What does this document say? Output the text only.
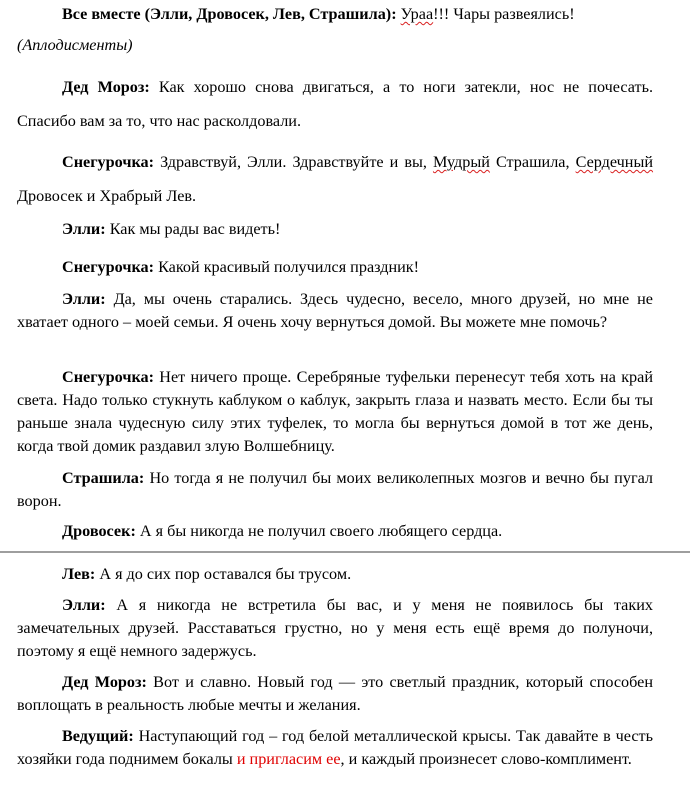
Все вместе (Элли, Дровосек, Лев, Страшила): Ураа!!! Чары развеялись!

(Аплодисменты)

Дед Мороз: Как хорошо снова двигаться, а то ноги затекли, нос не почесать. Спасибо вам за то, что нас расколдовали.

Снегурочка: Здравствуй, Элли. Здравствуйте и вы, Мудрый Страшила, Сердечный Дровосек и Храбрый Лев.

Элли: Как мы рады вас видеть!

Снегурочка: Какой красивый получился праздник!

Элли: Да, мы очень старались. Здесь чудесно, весело, много друзей, но мне не хватает одного – моей семьи. Я очень хочу вернуться домой. Вы можете мне помочь?

Снегурочка: Нет ничего проще. Серебряные туфельки перенесут тебя хоть на край света. Надо только стукнуть каблуком о каблук, закрыть глаза и назвать место. Если бы ты раньше знала чудесную силу этих туфелек, то могла бы вернуться домой в тот же день, когда твой домик раздавил злую Волшебницу.

Страшила: Но тогда я не получил бы моих великолепных мозгов и вечно бы пугал ворон.

Дровосек: А я бы никогда не получил своего любящего сердца.

Лев: А я до сих пор оставался бы трусом.

Элли: А я никогда не встретила бы вас, и у меня не появилось бы таких замечательных друзей. Расставаться грустно, но у меня есть ещё время до полуночи, поэтому я ещё немного задержусь.

Дед Мороз: Вот и славно. Новый год — это светлый праздник, который способен воплощать в реальность любые мечты и желания.

Ведущий: Наступающий год – год белой металлической крысы. Так давайте в честь хозяйки года поднимем бокалы и пригласим ее, и каждый произнесет слово-комплимент.
